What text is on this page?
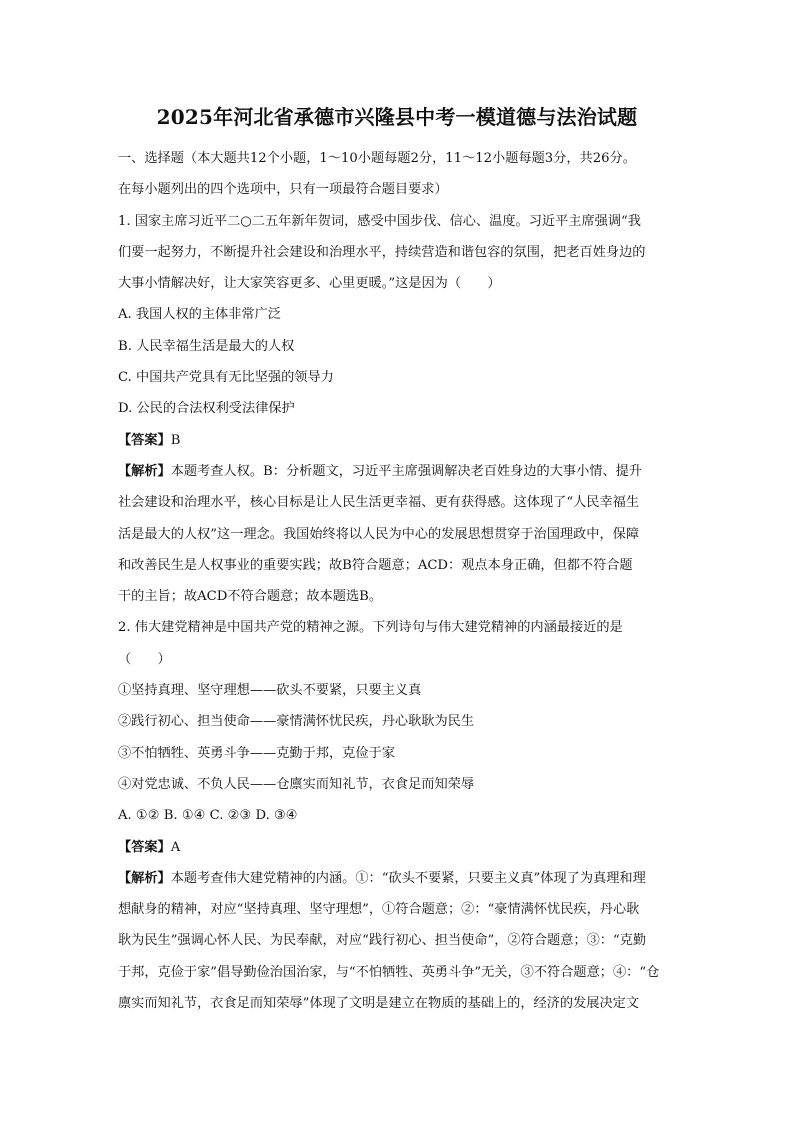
2025年河北省承德市兴隆县中考一模道德与法治试题
一、选择题（本大题共12个小题，1～10小题每题2分，11～12小题每题3分，共26分。
在每小题列出的四个选项中，只有一项最符合题目要求）
1. 国家主席习近平二○二五年新年贺词，感受中国步伐、信心、温度。习近平主席强调“我
们要一起努力，不断提升社会建设和治理水平，持续营造和谐包容的氛围，把老百姓身边的
大事小情解决好，让大家笑容更多、心里更暖。”这是因为（　　）
A. 我国人权的主体非常广泛
B. 人民幸福生活是最大的人权
C. 中国共产党具有无比坚强的领导力
D. 公民的合法权利受法律保护
【答案】B
【解析】本题考查人权。B：分析题文，习近平主席强调解决老百姓身边的大事小情、提升
社会建设和治理水平，核心目标是让人民生活更幸福、更有获得感。这体现了“人民幸福生
活是最大的人权”这一理念。我国始终将以人民为中心的发展思想贯穿于治国理政中，保障
和改善民生是人权事业的重要实践；故B符合题意；ACD：观点本身正确，但都不符合题
干的主旨；故ACD不符合题意；故本题选B。
2. 伟大建党精神是中国共产党的精神之源。下列诗句与伟大建党精神的内涵最接近的是
（　　）
①坚持真理、坚守理想——砍头不要紧，只要主义真
②践行初心、担当使命——豪情满怀忧民疾，丹心耿耿为民生
③不怕牺牲、英勇斗争——克勤于邦，克俭于家
④对党忠诚、不负人民——仓廪实而知礼节，衣食足而知荣辱
A. ①② B. ①④ C. ②③ D. ③④
【答案】A
【解析】本题考查伟大建党精神的内涵。①：“砍头不要紧，只要主义真”体现了为真理和理
想献身的精神，对应“坚持真理、坚守理想”，①符合题意；②：“豪情满怀忧民疾，丹心耿
耿为民生”强调心怀人民、为民奉献，对应“践行初心、担当使命”，②符合题意；③：“克勤
于邦，克俭于家”倡导勤俭治国治家，与“不怕牺牲、英勇斗争”无关，③不符合题意；④：“仓
廪实而知礼节，衣食足而知荣辱”体现了文明是建立在物质的基础上的，经济的发展决定文
